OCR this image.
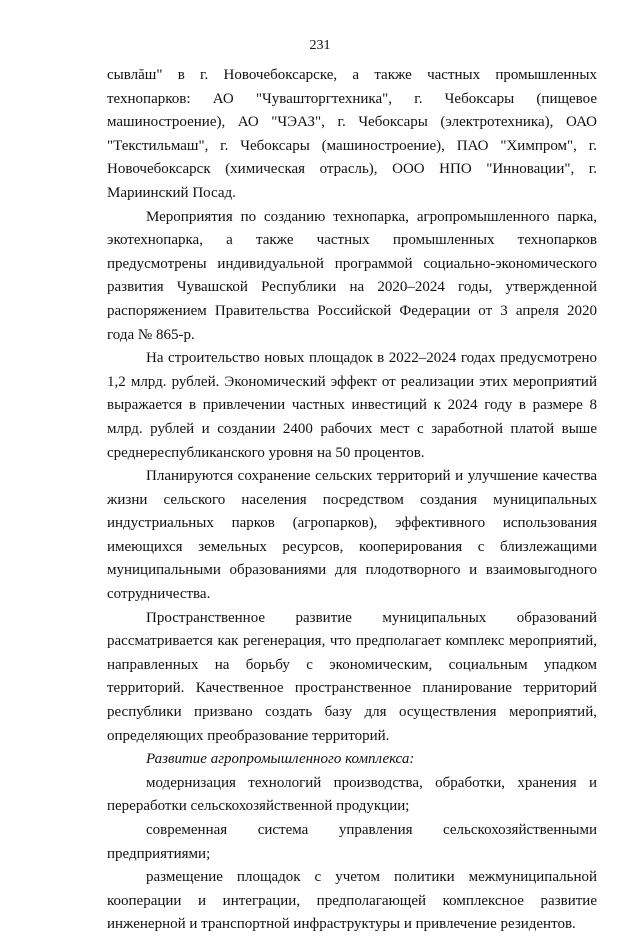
231

сывлăш" в г. Новочебоксарске, а также частных промышленных технопарков: АО "Чувашторгтехника", г. Чебоксары (пищевое машиностроение), АО "ЧЭАЗ", г. Чебоксары (электротехника), ОАО "Текстильмаш", г. Чебоксары (машиностроение), ПАО "Химпром", г. Новочебоксарск (химическая отрасль), ООО НПО "Инновации", г. Мариинский Посад.

Мероприятия по созданию технопарка, агропромышленного парка, экотехнопарка, а также частных промышленных технопарков предусмотрены индивидуальной программой социально-экономического развития Чувашской Республики на 2020–2024 годы, утвержденной распоряжением Правительства Российской Федерации от 3 апреля 2020 года № 865-р.

На строительство новых площадок в 2022–2024 годах предусмотрено 1,2 млрд. рублей. Экономический эффект от реализации этих мероприятий выражается в привлечении частных инвестиций к 2024 году в размере 8 млрд. рублей и создании 2400 рабочих мест с заработной платой выше среднереспубликанского уровня на 50 процентов.

Планируются сохранение сельских территорий и улучшение качества жизни сельского населения посредством создания муниципальных индустриальных парков (агропарков), эффективного использования имеющихся земельных ресурсов, кооперирования с близлежащими муниципальными образованиями для плодотворного и взаимовыгодного сотрудничества.

Пространственное развитие муниципальных образований рассматривается как регенерация, что предполагает комплекс мероприятий, направленных на борьбу с экономическим, социальным упадком территорий. Качественное пространственное планирование территорий республики призвано создать базу для осуществления мероприятий, определяющих преобразование территорий.

Развитие агропромышленного комплекса:

модернизация технологий производства, обработки, хранения и переработки сельскохозяйственной продукции;

современная система управления сельскохозяйственными предприятиями;

размещение площадок с учетом политики межмуниципальной кооперации и интеграции, предполагающей комплексное развитие инженерной и транспортной инфраструктуры и привлечение резидентов.
